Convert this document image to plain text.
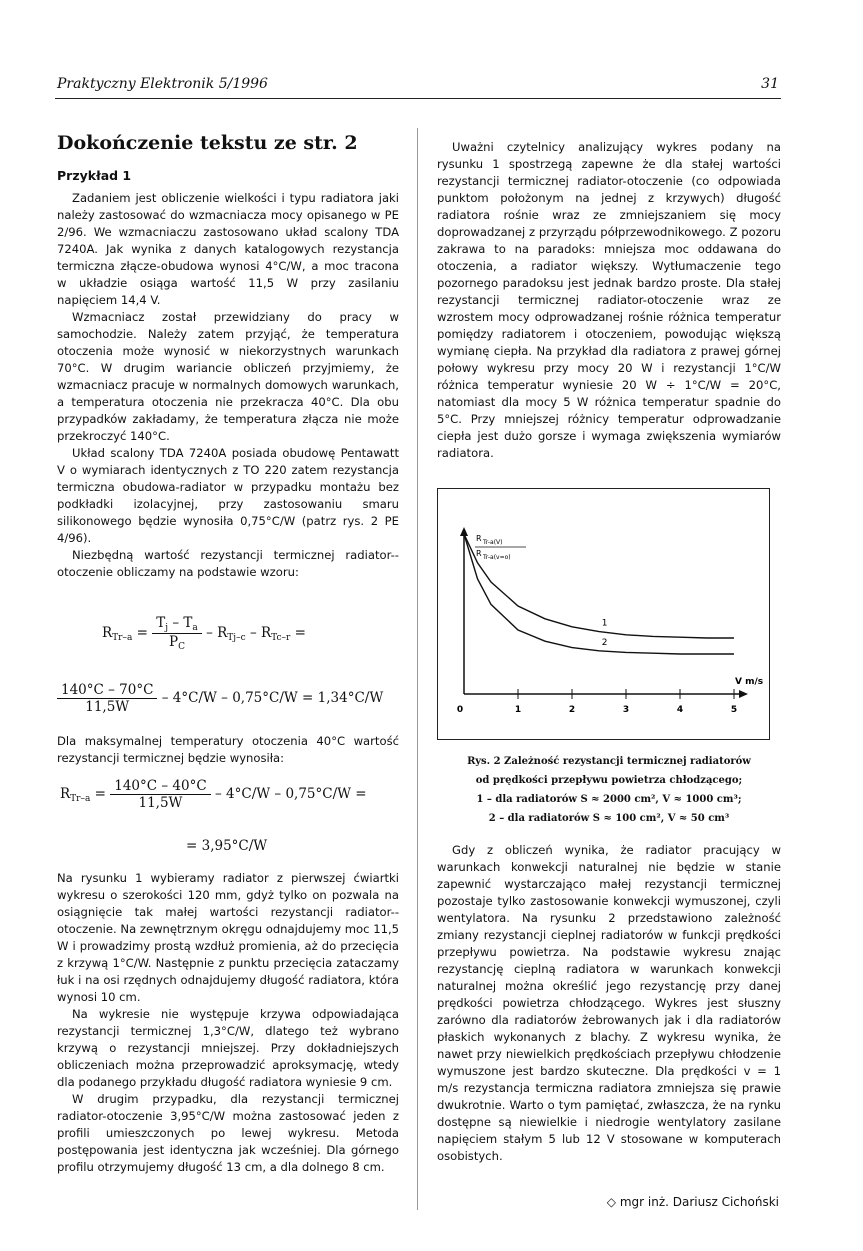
Praktyczny Elektronik 5/1996	31
Dokończenie tekstu ze str. 2
Przykład 1

Zadaniem jest obliczenie wielkości i typu radiatora jaki należy zastosować do wzmacniacza mocy opisanego w PE 2/96. We wzmacniaczu zastosowano układ scalony TDA 7240A. Jak wynika z danych katalogowych rezystancja termiczna złącze-obudowa wynosi 4°C/W, a moc tracona w układzie osiąga wartość 11,5 W przy zasilaniu napięciem 14,4 V.

Wzmacniacz został przewidziany do pracy w samochodzie. Należy zatem przyjąć, że temperatura otoczenia może wynosić w niekorzystnych warunkach 70°C. W drugim wariancie obliczeń przyjmiemy, że wzmacniacz pracuje w normalnych domowych warunkach, a temperatura otoczenia nie przekracza 40°C. Dla obu przypadków zakładamy, że temperatura złącza nie może przekroczyć 140°C.

Układ scalony TDA 7240A posiada obudowę Pentawatt V o wymiarach identycznych z TO 220 zatem rezystancja termiczna obudowa-radiator w przypadku montażu bez podkładki izolacyjnej, przy zastosowaniu smaru silikonowego będzie wynosiła 0,75°C/W (patrz rys. 2 PE 4/96).

Niezbędną wartość rezystancji termicznej radiator--otoczenie obliczamy na podstawie wzoru:

$R_{Tr-a} = \frac{T_j - T_a}{P_C} - R_{Tj-c} - R_{Tc-r}$ =
$\frac{140^\circ C - 70^\circ C}{11,5W} - 4^\circ C/W - 0,75^\circ C/W = 1,34^\circ C/W$

Dla maksymalnej temperatury otoczenia 40°C wartość rezystancji termicznej będzie wynosiła:

$R_{Tr-a} = \frac{140^\circ C - 40^\circ C}{11,5W} - 4^\circ C/W - 0,75^\circ C/W$ =
= 3,95°C/W

Na rysunku 1 wybieramy radiator z pierwszej ćwiartki wykresu o szerokości 120 mm, gdyż tylko on pozwala na osiągnięcie tak małej wartości rezystancji radiator--otoczenie. Na zewnętrznym okręgu odnajdujemy moc 11,5 W i prowadzimy prostą wzdłuż promienia, aż do przecięcia z krzywą 1°C/W. Następnie z punktu przecięcia zataczamy łuk i na osi rzędnych odnajdujemy długość radiatora, która wynosi 10 cm.

Na wykresie nie występuje krzywa odpowiadająca rezystancji termicznej 1,3°C/W, dlatego też wybrano krzywą o rezystancji mniejszej. Przy dokładniejszych obliczeniach można przeprowadzić aproksymację, wtedy dla podanego przykładu długość radiatora wyniesie 9 cm.

W drugim przypadku, dla rezystancji termicznej radiator-otoczenie 3,95°C/W można zastosować jeden z profili umieszczonych po lewej wykresu. Metoda postępowania jest identyczna jak wcześniej. Dla górnego profilu otrzymujemy długość 13 cm, a dla dolnego 8 cm.

Uważni czytelnicy analizujący wykres podany na rysunku 1 spostrzegą zapewne że dla stałej wartości rezystancji termicznej radiator-otoczenie (co odpowiada punktom położonym na jednej z krzywych) długość radiatora rośnie wraz ze zmniejszaniem się mocy doprowadzanej z przyrządu półprzewodnikowego. Z pozoru zakrawa to na paradoks: mniejsza moc oddawana do otoczenia, a radiator większy. Wytłumaczenie tego pozornego paradoksu jest jednak bardzo proste. Dla stałej rezystancji termicznej radiator-otoczenie wraz ze wzrostem mocy odprowadzanej rośnie różnica temperatur pomiędzy radiatorem i otoczeniem, powodując większą wymianę ciepła. Na przykład dla radiatora z prawej górnej połowy wykresu przy mocy 20 W i rezystancji 1°C/W różnica temperatur wyniesie 20 W ÷ 1°C/W = 20°C, natomiast dla mocy 5 W różnica temperatur spadnie do 5°C. Przy mniejszej różnicy temperatur odprowadzanie ciepła jest dużo gorsze i wymaga zwiększenia wymiarów radiatora.

0	1	2	3	4	5
R Tr-a(V)
R Tr-a(v=o)
V m/s
1
2
Rys. 2 Zależność rezystancji termicznej radiatorów
od prędkości przepływu powietrza chłodzącego;
1 – dla radiatorów S ≈ 2000 cm², V ≈ 1000 cm³;
2 – dla radiatorów S ≈ 100 cm², V ≈ 50 cm³

Gdy z obliczeń wynika, że radiator pracujący w warunkach konwekcji naturalnej nie będzie w stanie zapewnić wystarczająco małej rezystancji termicznej pozostaje tylko zastosowanie konwekcji wymuszonej, czyli wentylatora. Na rysunku 2 przedstawiono zależność zmiany rezystancji cieplnej radiatorów w funkcji prędkości przepływu powietrza. Na podstawie wykresu znając rezystancję cieplną radiatora w warunkach konwekcji naturalnej można określić jego rezystancję przy danej prędkości powietrza chłodzącego. Wykres jest słuszny zarówno dla radiatorów żebrowanych jak i dla radiatorów płaskich wykonanych z blachy. Z wykresu wynika, że nawet przy niewielkich prędkościach przepływu chłodzenie wymuszone jest bardzo skuteczne. Dla prędkości v = 1 m/s rezystancja termiczna radiatora zmniejsza się prawie dwukrotnie. Warto o tym pamiętać, zwłaszcza, że na rynku dostępne są niewielkie i niedrogie wentylatory zasilane napięciem stałym 5 lub 12 V stosowane w komputerach osobistych.

◇ mgr inż. Dariusz Cichoński
